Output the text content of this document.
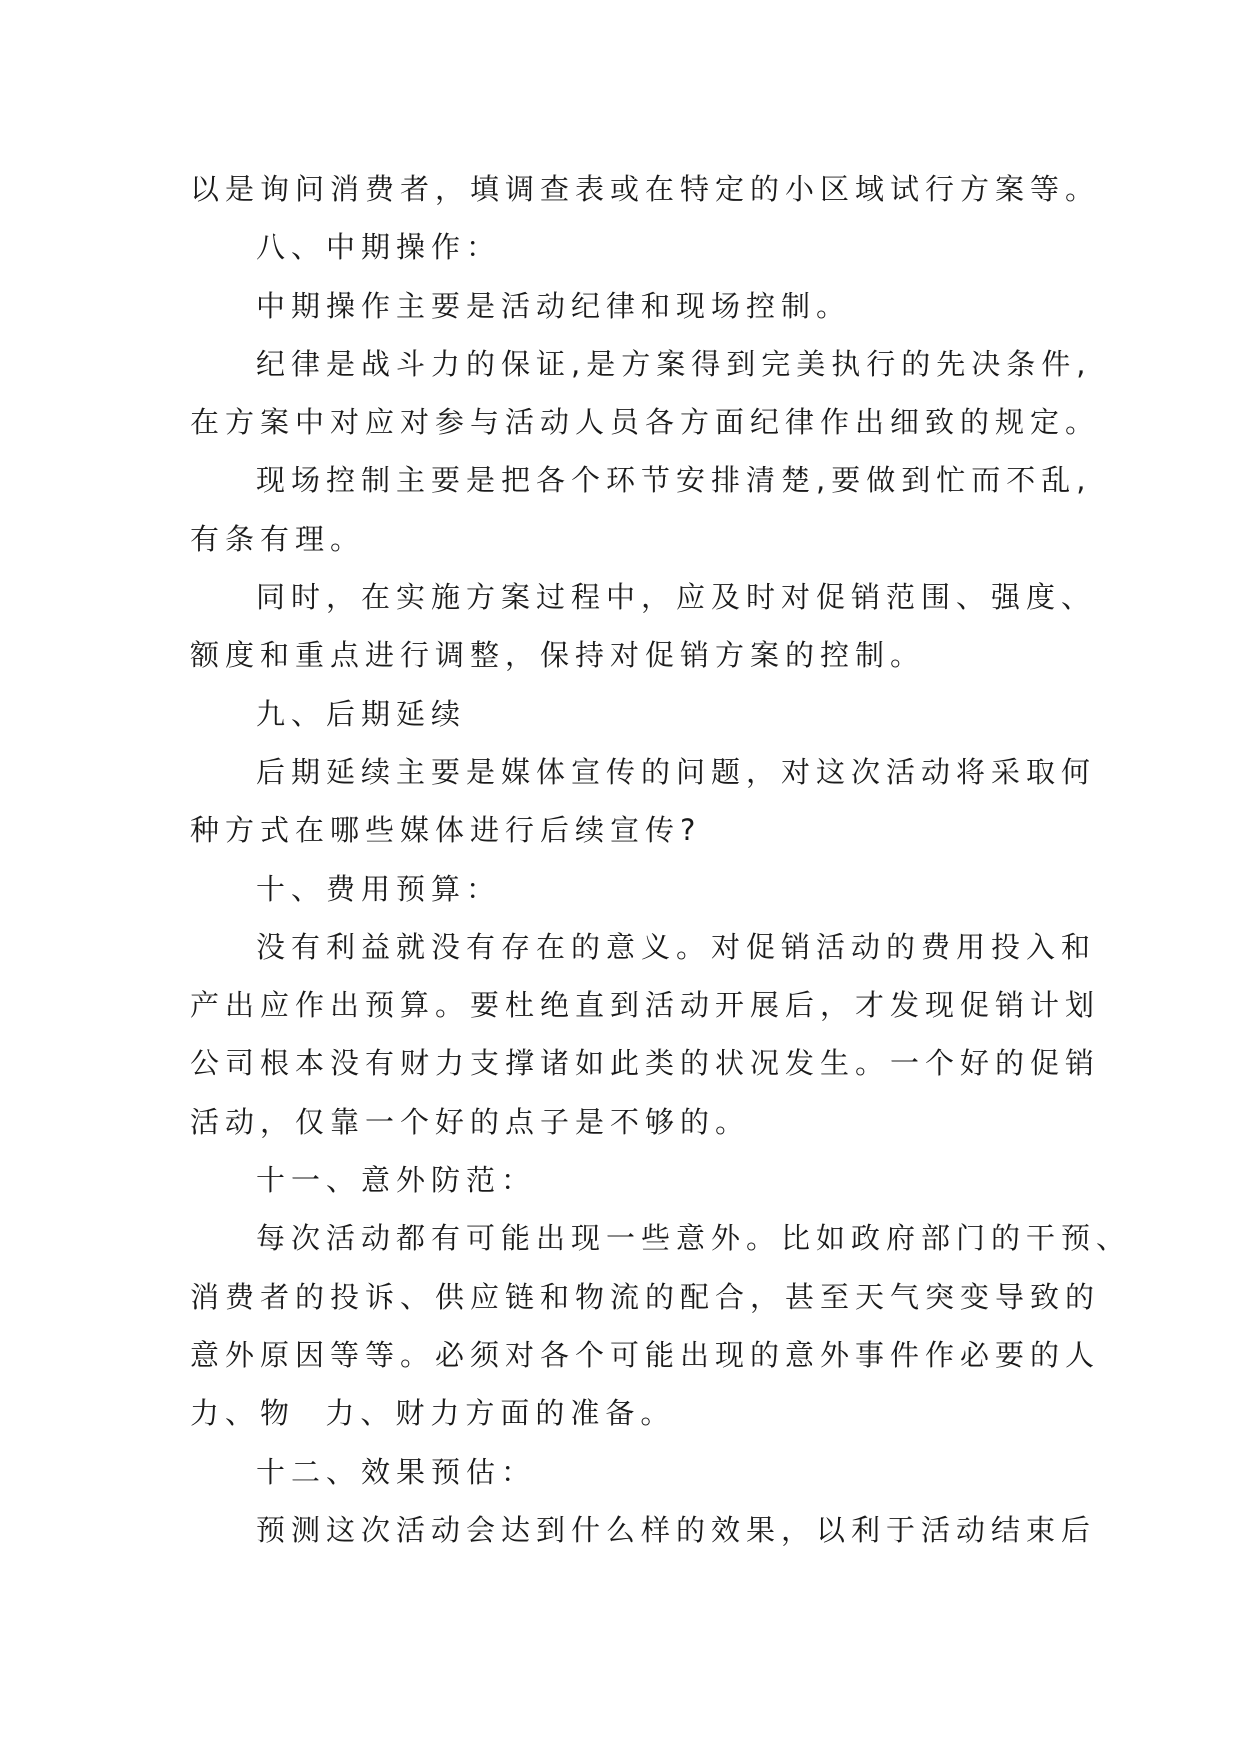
以是询问消费者，填调查表或在特定的小区域试行方案等。

八、中期操作：

中期操作主要是活动纪律和现场控制。

纪律是战斗力的保证,是方案得到完美执行的先决条件,

在方案中对应对参与活动人员各方面纪律作出细致的规定。

现场控制主要是把各个环节安排清楚,要做到忙而不乱,

有条有理。

同时，在实施方案过程中，应及时对促销范围、强度、

额度和重点进行调整，保持对促销方案的控制。

九、后期延续

后期延续主要是媒体宣传的问题，对这次活动将采取何

种方式在哪些媒体进行后续宣传?

十、费用预算：

没有利益就没有存在的意义。对促销活动的费用投入和

产出应作出预算。要杜绝直到活动开展后，才发现促销计划

公司根本没有财力支撑诸如此类的状况发生。一个好的促销

活动，仅靠一个好的点子是不够的。

十一、意外防范：

每次活动都有可能出现一些意外。比如政府部门的干预、

消费者的投诉、供应链和物流的配合，甚至天气突变导致的

意外原因等等。必须对各个可能出现的意外事件作必要的人

力、物  力、财力方面的准备。

十二、效果预估：

预测这次活动会达到什么样的效果，以利于活动结束后
